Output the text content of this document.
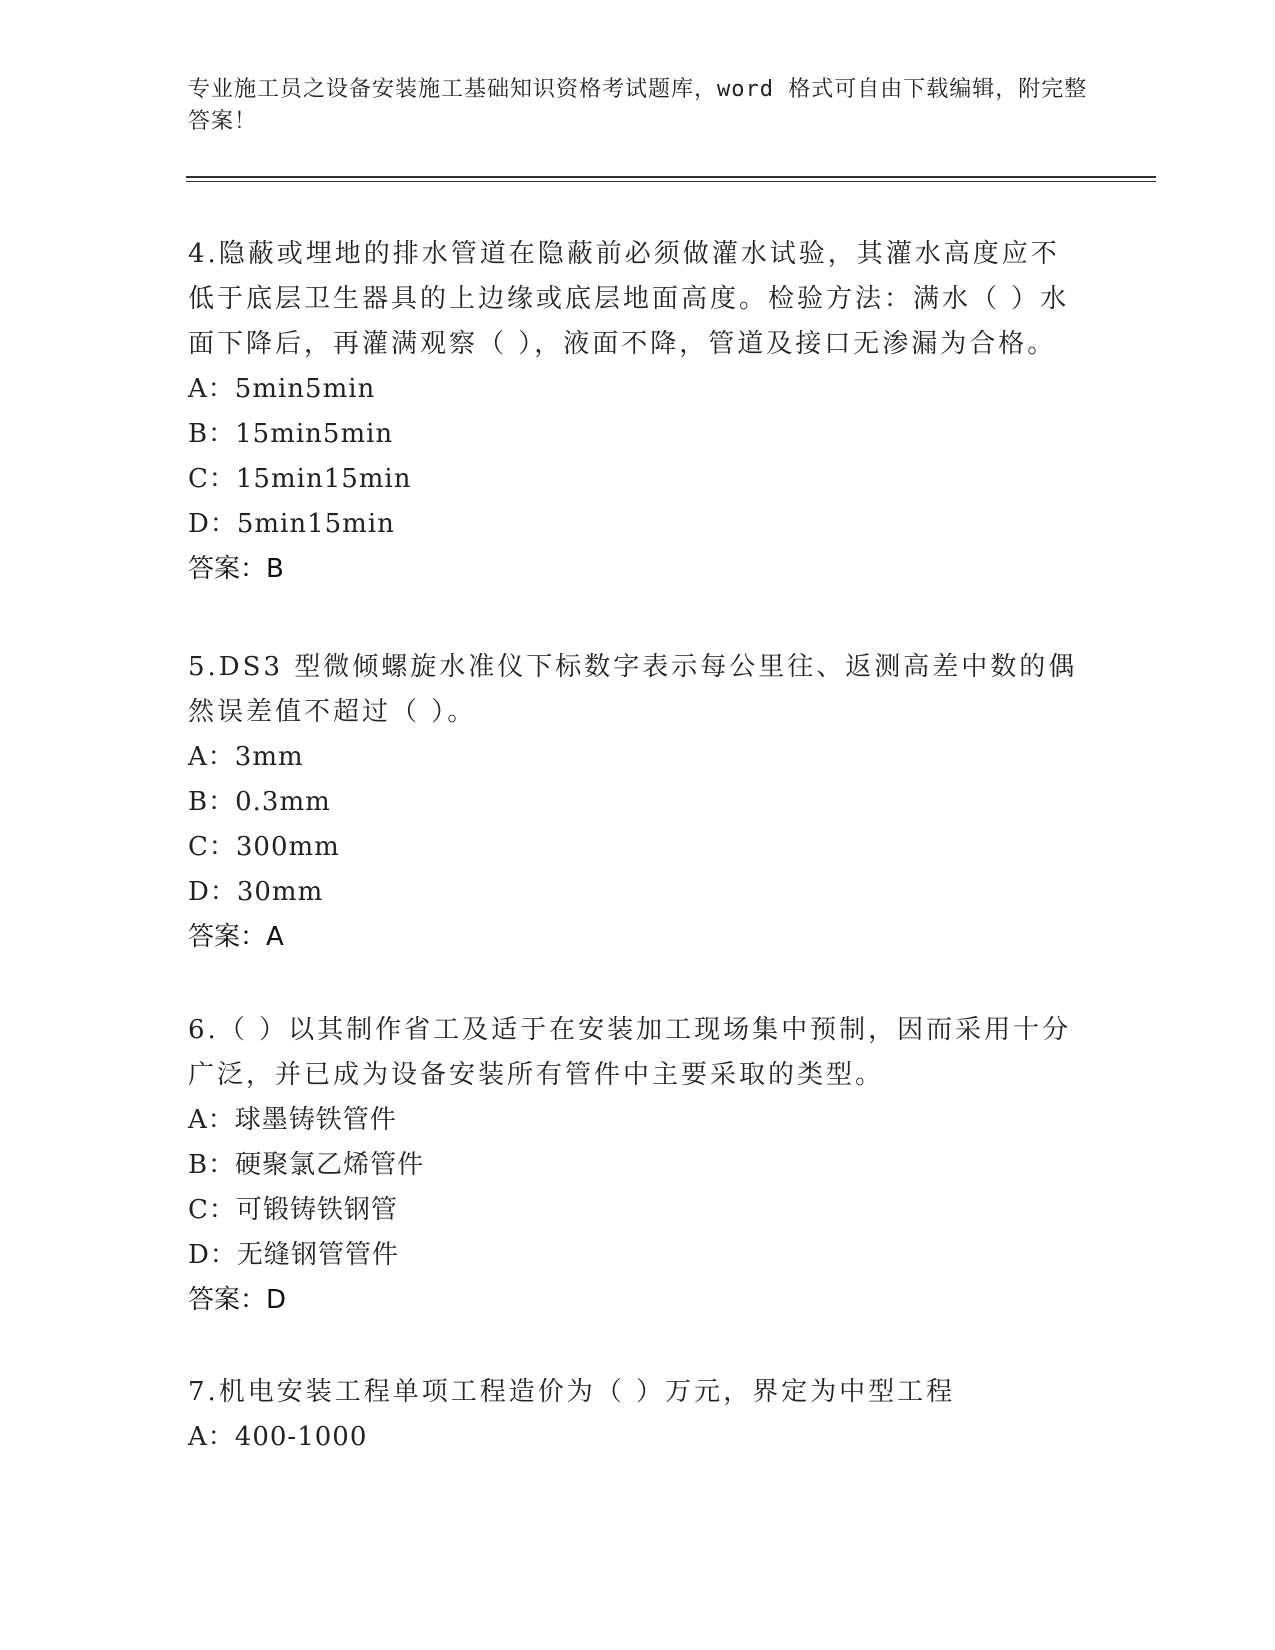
专业施工员之设备安装施工基础知识资格考试题库，word 格式可自由下载编辑，附完整答案！

4.隐蔽或埋地的排水管道在隐蔽前必须做灌水试验，其灌水高度应不低于底层卫生器具的上边缘或底层地面高度。检验方法：满水（ ）水面下降后，再灌满观察（ ），液面不降，管道及接口无渗漏为合格。

A：5min5min

B：15min5min

C：15min15min

D：5min15min

答案：B

5.DS3 型微倾螺旋水准仪下标数字表示每公里往、返测高差中数的偶然误差值不超过（ ）。

A：3mm

B：0.3mm

C：300mm

D：30mm

答案：A

6.（ ）以其制作省工及适于在安装加工现场集中预制，因而采用十分广泛，并已成为设备安装所有管件中主要采取的类型。

A：球墨铸铁管件

B：硬聚氯乙烯管件

C：可锻铸铁钢管

D：无缝钢管管件

答案：D

7.机电安装工程单项工程造价为（ ）万元，界定为中型工程

A：400-1000
